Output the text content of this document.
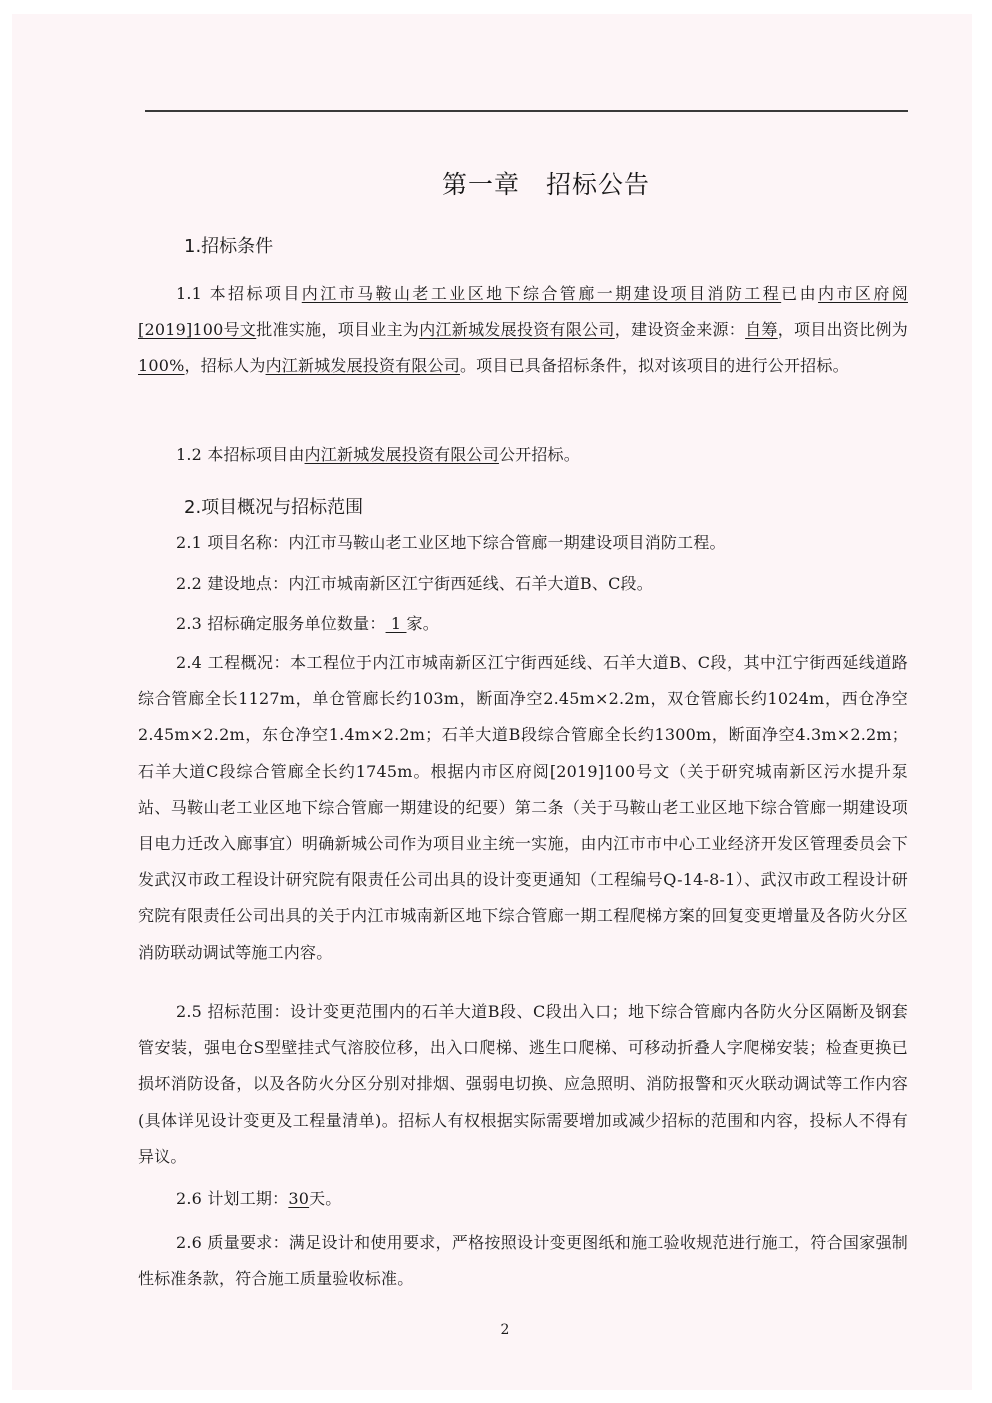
第一章 招标公告
1.招标条件
1.1 本招标项目内江市马鞍山老工业区地下综合管廊一期建设项目消防工程已由内市区府阅[2019]100号文批准实施，项目业主为内江新城发展投资有限公司，建设资金来源：自筹，项目出资比例为100%，招标人为内江新城发展投资有限公司。项目已具备招标条件，拟对该项目的进行公开招标。
1.2 本招标项目由内江新城发展投资有限公司公开招标。
2.项目概况与招标范围
2.1 项目名称：内江市马鞍山老工业区地下综合管廊一期建设项目消防工程。
2.2 建设地点：内江市城南新区江宁街西延线、石羊大道B、C段。
2.3 招标确定服务单位数量： 1 家。
2.4 工程概况：本工程位于内江市城南新区江宁街西延线、石羊大道B、C段，其中江宁街西延线道路综合管廊全长1127m，单仓管廊长约103m，断面净空2.45m×2.2m，双仓管廊长约1024m，西仓净空2.45m×2.2m，东仓净空1.4m×2.2m；石羊大道B段综合管廊全长约1300m，断面净空4.3m×2.2m；石羊大道C段综合管廊全长约1745m。根据内市区府阅[2019]100号文（关于研究城南新区污水提升泵站、马鞍山老工业区地下综合管廊一期建设的纪要）第二条（关于马鞍山老工业区地下综合管廊一期建设项目电力迁改入廊事宜）明确新城公司作为项目业主统一实施，由内江市市中心工业经济开发区管理委员会下发武汉市政工程设计研究院有限责任公司出具的设计变更通知（工程编号Q-14-8-1）、武汉市政工程设计研究院有限责任公司出具的关于内江市城南新区地下综合管廊一期工程爬梯方案的回复变更增量及各防火分区消防联动调试等施工内容。
2.5 招标范围：设计变更范围内的石羊大道B段、C段出入口；地下综合管廊内各防火分区隔断及钢套管安装，强电仓S型壁挂式气溶胶位移，出入口爬梯、逃生口爬梯、可移动折叠人字爬梯安装；检查更换已损坏消防设备，以及各防火分区分别对排烟、强弱电切换、应急照明、消防报警和灭火联动调试等工作内容(具体详见设计变更及工程量清单)。招标人有权根据实际需要增加或减少招标的范围和内容，投标人不得有异议。
2.6 计划工期：30天。
2.6 质量要求：满足设计和使用要求，严格按照设计变更图纸和施工验收规范进行施工，符合国家强制性标准条款，符合施工质量验收标准。
2
